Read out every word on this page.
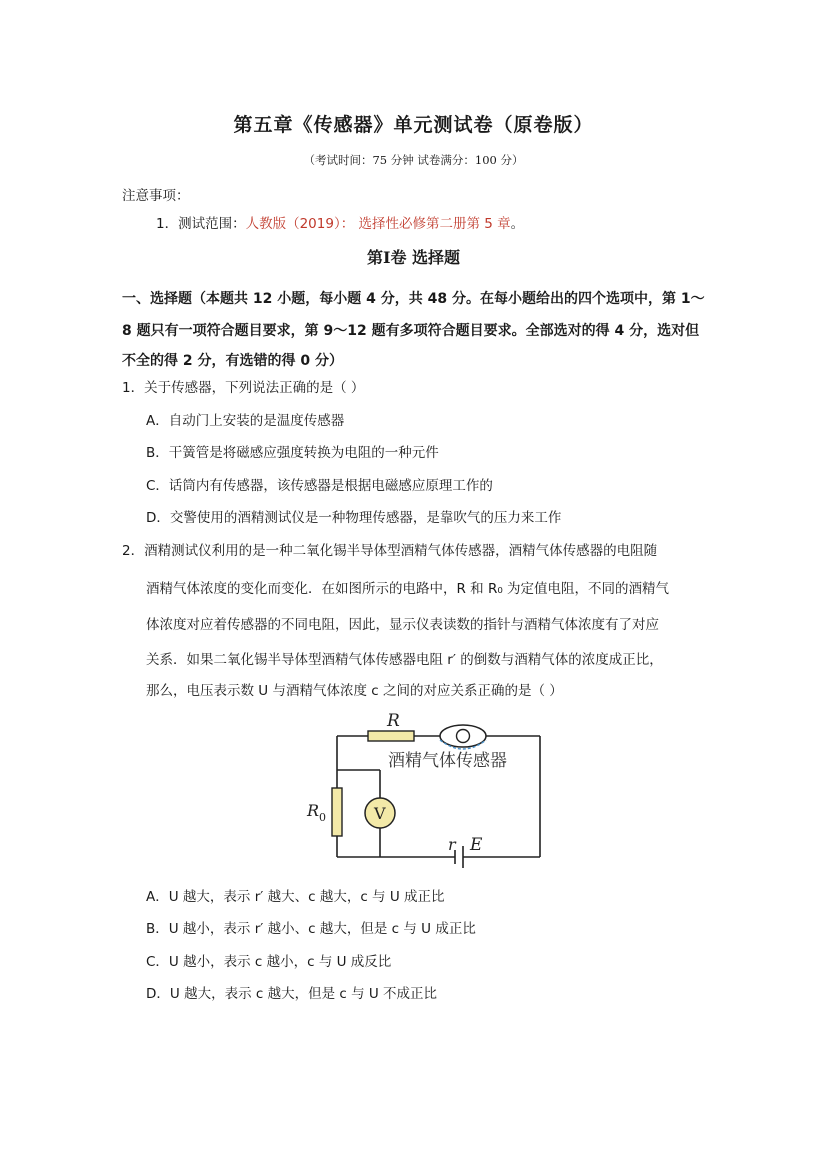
第五章《传感器》单元测试卷（原卷版）
（考试时间：75 分钟 试卷满分：100 分）
注意事项：
1．测试范围：人教版（2019）： 选择性必修第二册第 5 章。
第Ⅰ卷 选择题
一、选择题（本题共 12 小题，每小题 4 分，共 48 分。在每小题给出的四个选项中，第 1～
8 题只有一项符合题目要求，第 9～12 题有多项符合题目要求。全部选对的得 4 分，选对但
不全的得 2 分，有选错的得 0 分）
1．关于传感器，下列说法正确的是（ ）
A．自动门上安装的是温度传感器
B．干簧管是将磁感应强度转换为电阻的一种元件
C．话筒内有传感器，该传感器是根据电磁感应原理工作的
D．交警使用的酒精测试仪是一种物理传感器，是靠吹气的压力来工作
2．酒精测试仪利用的是一种二氧化锡半导体型酒精气体传感器，酒精气体传感器的电阻随
酒精气体浓度的变化而变化．在如图所示的电路中，R 和 R₀ 为定值电阻，不同的酒精气
体浓度对应着传感器的不同电阻，因此，显示仪表读数的指针与酒精气体浓度有了对应
关系．如果二氧化锡半导体型酒精气体传感器电阻 r′ 的倒数与酒精气体的浓度成正比，
那么，电压表示数 U 与酒精气体浓度 c 之间的对应关系正确的是（ ）
R
R 0	V
酒精气体传感器
r E
A．U 越大，表示 r′ 越大、c 越大，c 与 U 成正比
B．U 越小，表示 r′ 越小、c 越大，但是 c 与 U 成正比
C．U 越小，表示 c 越小，c 与 U 成反比
D．U 越大，表示 c 越大，但是 c 与 U 不成正比
